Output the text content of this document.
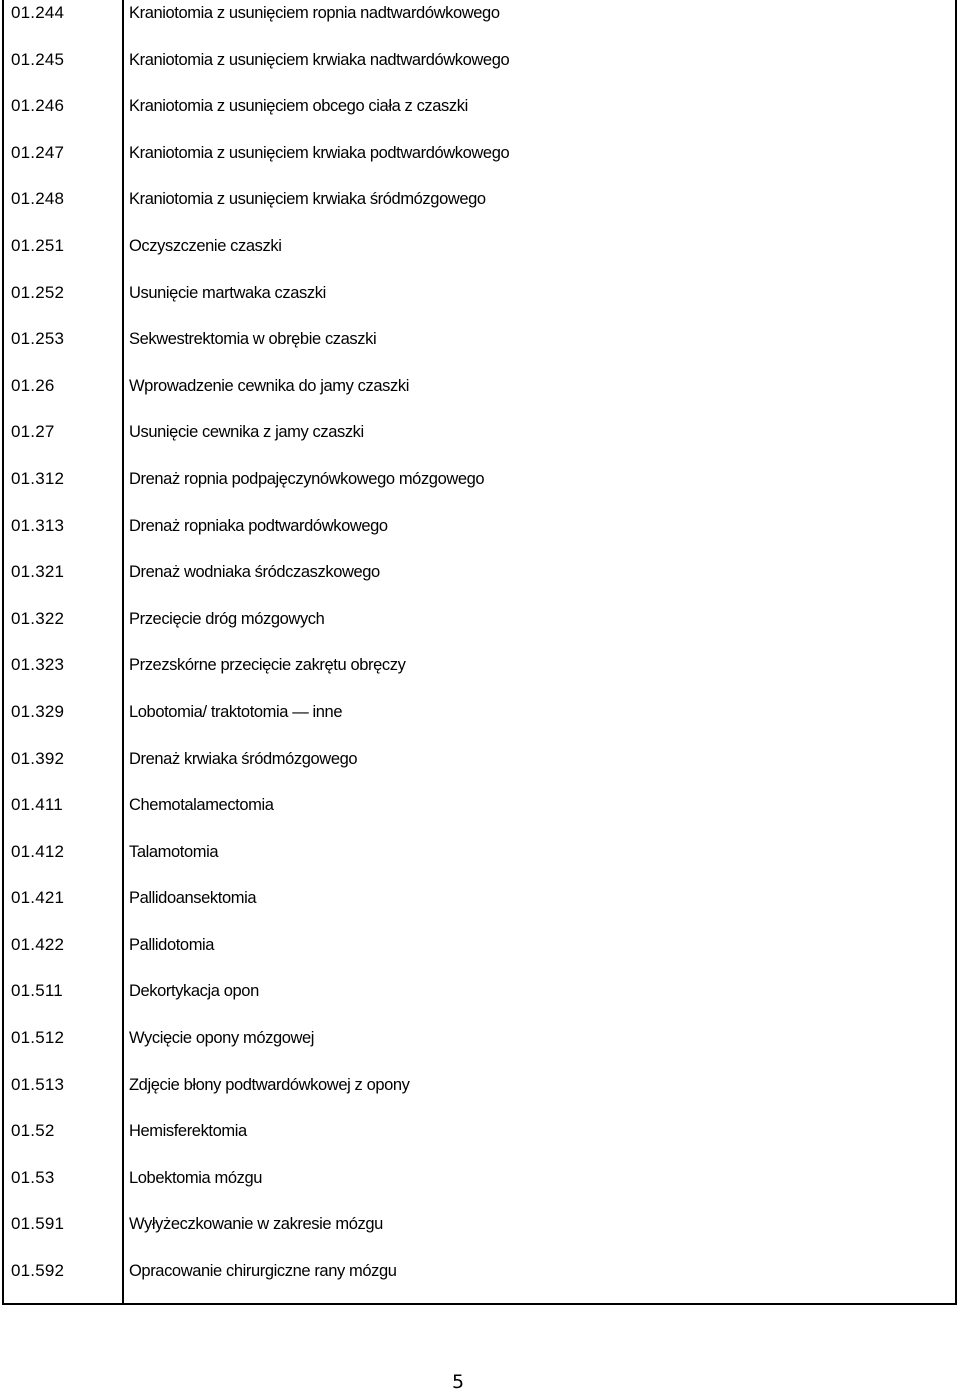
01.244	Kraniotomia z usunięciem ropnia nadtwardówkowego
01.245	Kraniotomia z usunięciem krwiaka nadtwardówkowego
01.246	Kraniotomia z usunięciem obcego ciała z czaszki
01.247	Kraniotomia z usunięciem krwiaka podtwardówkowego
01.248	Kraniotomia z usunięciem krwiaka śródmózgowego
01.251	Oczyszczenie czaszki
01.252	Usunięcie martwaka czaszki
01.253	Sekwestrektomia w obrębie czaszki
01.26	Wprowadzenie cewnika do jamy czaszki
01.27	Usunięcie cewnika z jamy czaszki
01.312	Drenaż ropnia podpajęczynówkowego mózgowego
01.313	Drenaż ropniaka podtwardówkowego
01.321	Drenaż wodniaka śródczaszkowego
01.322	Przecięcie dróg mózgowych
01.323	Przezskórne przecięcie zakrętu obręczy
01.329	Lobotomia/ traktotomia — inne
01.392	Drenaż krwiaka śródmózgowego
01.411	Chemotalamectomia
01.412	Talamotomia
01.421	Pallidoansektomia
01.422	Pallidotomia
01.511	Dekortykacja opon
01.512	Wycięcie opony mózgowej
01.513	Zdjęcie błony podtwardówkowej z opony
01.52	Hemisferektomia
01.53	Lobektomia mózgu
01.591	Wyłyżeczkowanie w zakresie mózgu
01.592	Opracowanie chirurgiczne rany mózgu
5
